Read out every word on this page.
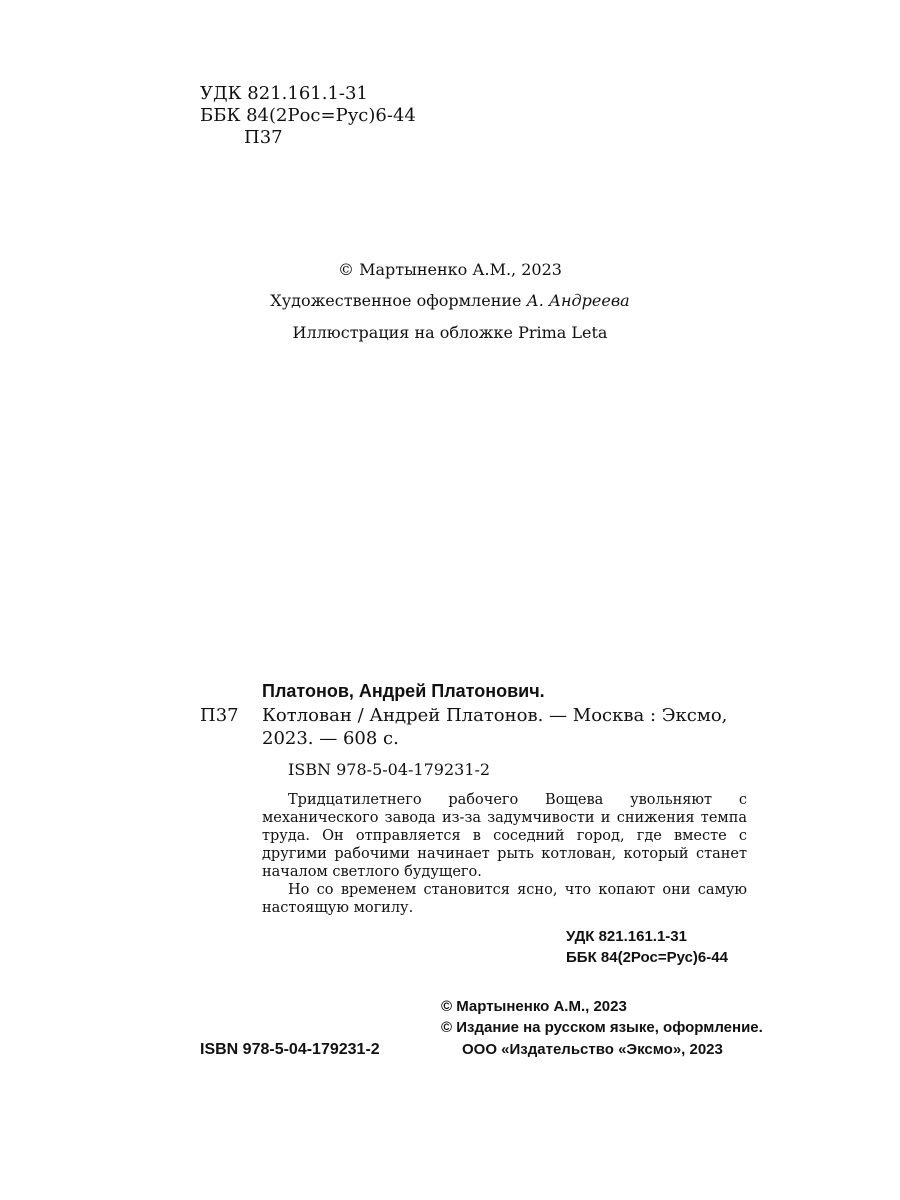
УДК 821.161.1-31
ББК 84(2Рос=Рус)6-44
П37
© Мартыненко А.М., 2023
Художественное оформление А. Андреева
Иллюстрация на обложке Prima Leta
Платонов, Андрей Платонович.
П37 Котлован / Андрей Платонов. — Москва : Эксмо,
2023. — 608 с.
ISBN 978-5-04-179231-2

Тридцатилетнего рабочего Вощева увольняют с механического завода из-за задумчивости и снижения темпа труда. Он отправляется в соседний город, где вместе с другими рабочими начинает рыть котлован, который станет началом светлого будущего.

Но со временем становится ясно, что копают они самую настоящую могилу.

УДК 821.161.1-31
ББК 84(2Рос=Рус)6-44
ISBN 978-5-04-179231-2
© Мартыненко А.М., 2023
© Издание на русском языке, оформление.
ООО «Издательство «Эксмо», 2023
